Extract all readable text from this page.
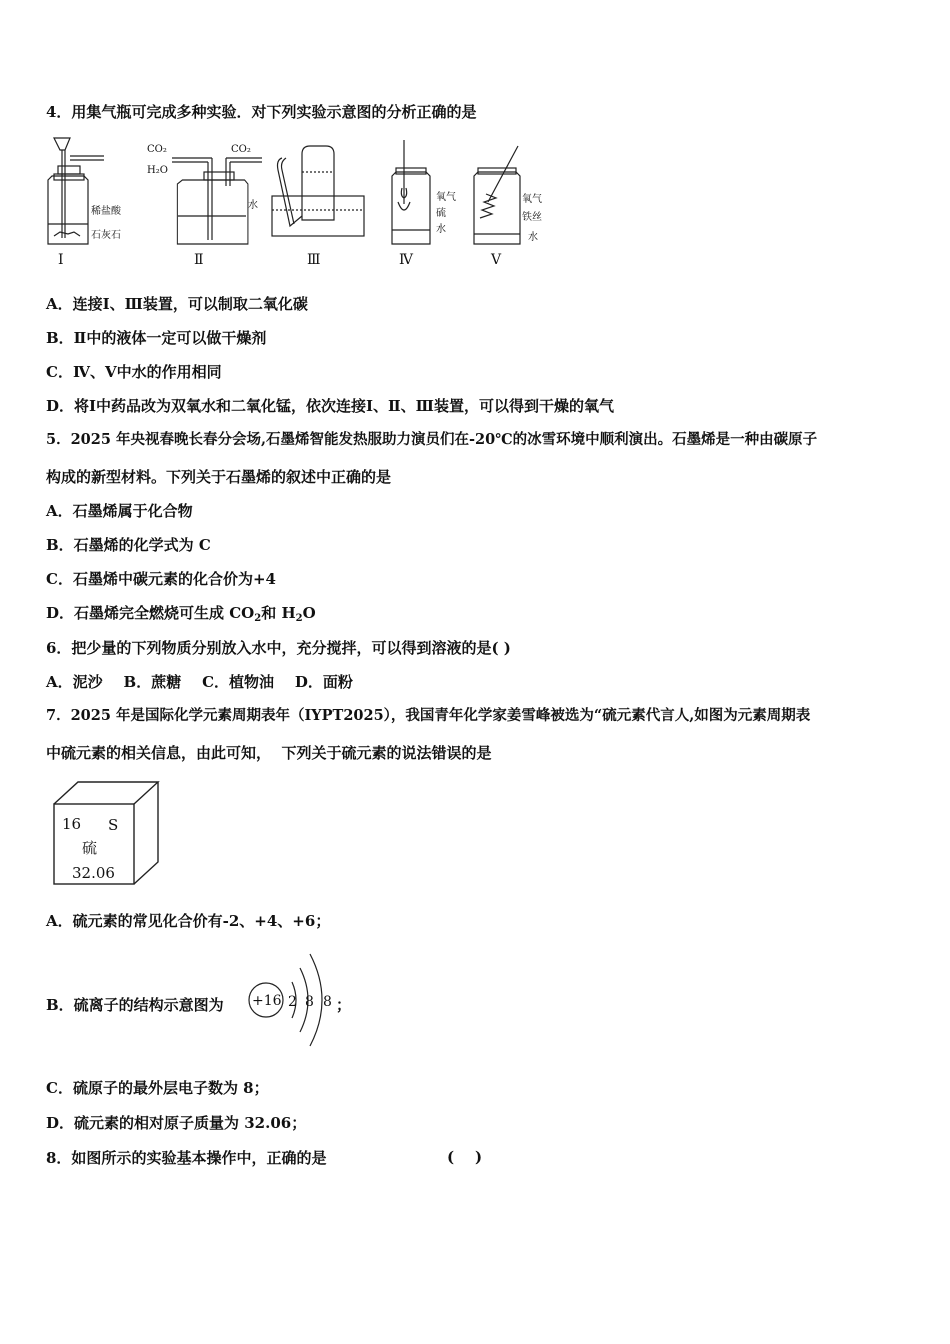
4．用集气瓶可完成多种实验．对下列实验示意图的分析正确的是
CO₂
H₂O
CO₂
稀盐酸
石灰石
水
氧气
硫
水
氧气
铁丝
水
Ⅰ	Ⅱ	Ⅲ	Ⅳ	Ⅴ
A．连接Ⅰ、Ⅲ装置，可以制取二氧化碳
B．Ⅱ中的液体一定可以做干燥剂
C．Ⅳ、Ⅴ中水的作用相同
D．将Ⅰ中药品改为双氧水和二氧化锰，依次连接Ⅰ、Ⅱ、Ⅲ装置，可以得到干燥的氧气
5．2025 年央视春晚长春分会场,石墨烯智能发热服助力演员们在-20℃的冰雪环境中顺利演出。石墨烯是一种由碳原子
构成的新型材料。下列关于石墨烯的叙述中正确的是
A．石墨烯属于化合物
B．石墨烯的化学式为 C
C．石墨烯中碳元素的化合价为+4
D．石墨烯完全燃烧可生成 $CO_2$和 $H_2O$
6．把少量的下列物质分别放入水中，充分搅拌，可以得到溶液的是( )
A．泥沙    B．蔗糖    C．植物油    D．面粉
7．2025 年是国际化学元素周期表年（IYPT2025），我国青年化学家姜雪峰被选为“硫元素代言人,如图为元素周期表
中硫元素的相关信息，由此可知，  下列关于硫元素的说法错误的是
16 S
硫
32.06
A．硫元素的常见化合价有-2、+4、+6；
B．硫离子的结构示意图为 +16 2 8 8 ；
C．硫原子的最外层电子数为 8；
D．硫元素的相对原子质量为 32.06；
8．如图所示的实验基本操作中，正确的是	(    )
